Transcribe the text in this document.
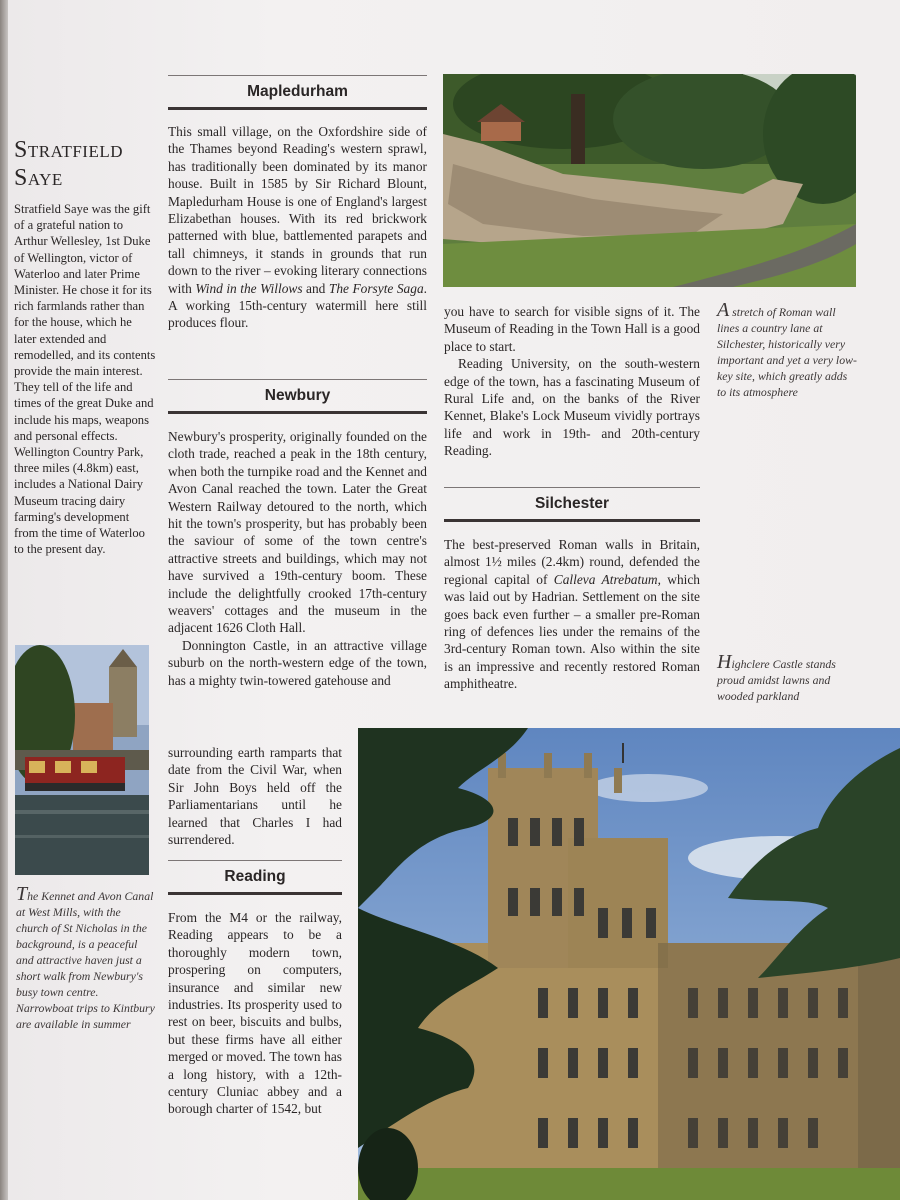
Stratfield Saye
Stratfield Saye was the gift of a grateful nation to Arthur Wellesley, 1st Duke of Wellington, victor of Waterloo and later Prime Minister. He chose it for its rich farmlands rather than for the house, which he later extended and remodelled, and its contents provide the main interest. They tell of the life and times of the great Duke and include his maps, weapons and personal effects. Wellington Country Park, three miles (4.8km) east, includes a National Dairy Museum tracing dairy farming's development from the time of Waterloo to the present day.
Mapledurham

This small village, on the Oxfordshire side of the Thames beyond Reading's western sprawl, has traditionally been dominated by its manor house. Built in 1585 by Sir Richard Blount, Mapledurham House is one of England's largest Elizabethan houses. With its red brickwork patterned with blue, battlemented parapets and tall chimneys, it stands in grounds that run down to the river – evoking literary connections with Wind in the Willows and The Forsyte Saga. A working 15th-century watermill here still produces flour.

Newbury

Newbury's prosperity, originally founded on the cloth trade, reached a peak in the 18th century, when both the turnpike road and the Kennet and Avon Canal reached the town. Later the Great Western Railway detoured to the north, which hit the town's prosperity, but has probably been the saviour of some of the town centre's attractive streets and buildings, which may not have survived a 19th-century boom. These include the delightfully crooked 17th-century weavers' cottages and the museum in the adjacent 1626 Cloth Hall.

Donnington Castle, in an attractive village suburb on the north-western edge of the town, has a mighty twin-towered gatehouse and

surrounding earth ramparts that date from the Civil War, when Sir John Boys held off the Parliamentarians until he learned that Charles I had surrendered.

Reading

From the M4 or the railway, Reading appears to be a thoroughly modern town, prospering on computers, insurance and similar new industries. Its prosperity used to rest on beer, biscuits and bulbs, but these firms have all either merged or moved. The town has a long history, with a 12th-century Cluniac abbey and a borough charter of 1542, but

you have to search for visible signs of it. The Museum of Reading in the Town Hall is a good place to start.

Reading University, on the south-western edge of the town, has a fascinating Museum of Rural Life and, on the banks of the River Kennet, Blake's Lock Museum vividly portrays life and work in 19th- and 20th-century Reading.

Silchester

The best-preserved Roman walls in Britain, almost 1½ miles (2.4km) round, defended the regional capital of Calleva Atrebatum, which was laid out by Hadrian. Settlement on the site goes back even further – a smaller pre-Roman ring of defences lies under the remains of the 3rd-century Roman town. Also within the site is an impressive and recently restored Roman amphitheatre.

A stretch of Roman wall lines a country lane at Silchester, historically very important and yet a very low-key site, which greatly adds to its atmosphere
Highclere Castle stands proud amidst lawns and wooded parkland
The Kennet and Avon Canal at West Mills, with the church of St Nicholas in the background, is a peaceful and attractive haven just a short walk from Newbury's busy town centre. Narrowboat trips to Kintbury are available in summer
